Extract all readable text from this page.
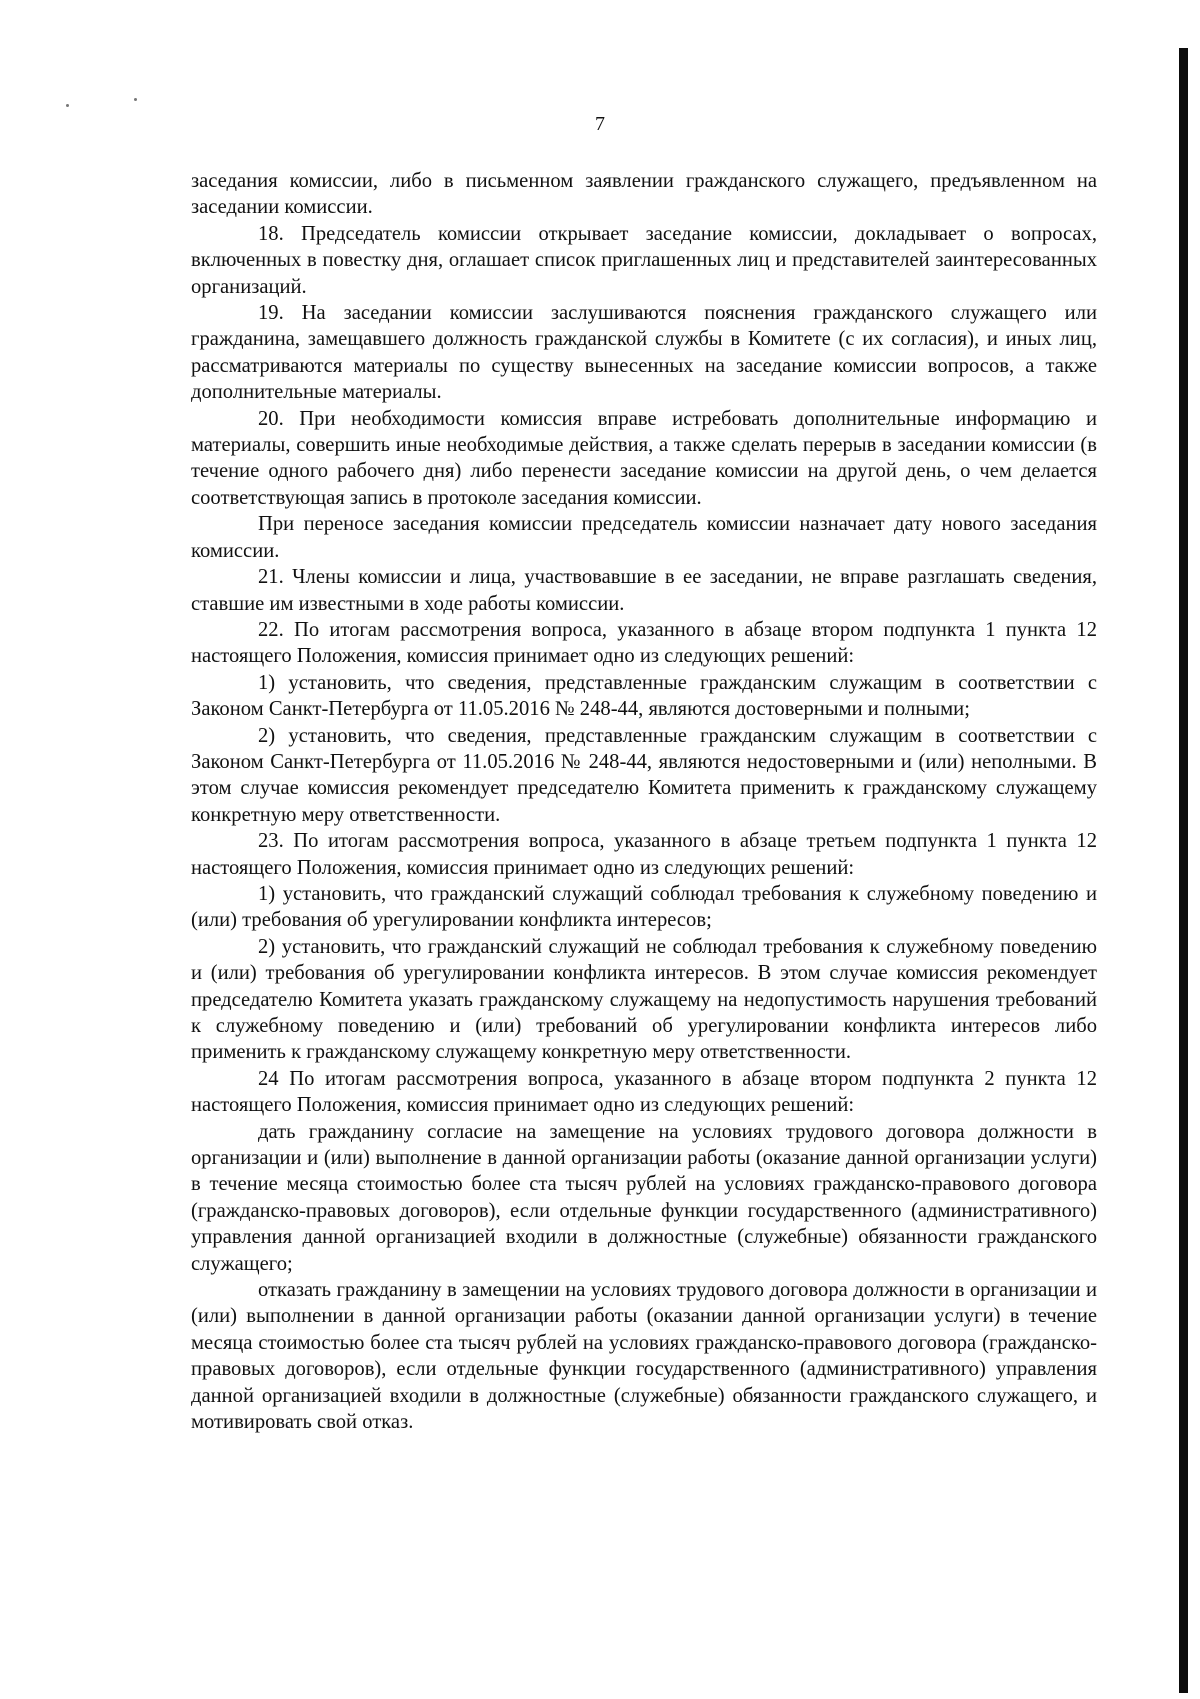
7

заседания комиссии, либо в письменном заявлении гражданского служащего, предъявленном на заседании комиссии.

18. Председатель комиссии открывает заседание комиссии, докладывает о вопросах, включенных в повестку дня, оглашает список приглашенных лиц и представителей заинтересованных организаций.

19. На заседании комиссии заслушиваются пояснения гражданского служащего или гражданина, замещавшего должность гражданской службы в Комитете (с их согласия), и иных лиц, рассматриваются материалы по существу вынесенных на заседание комиссии вопросов, а также дополнительные материалы.

20. При необходимости комиссия вправе истребовать дополнительные информацию и материалы, совершить иные необходимые действия, а также сделать перерыв в заседании комиссии (в течение одного рабочего дня) либо перенести заседание комиссии на другой день, о чем делается соответствующая запись в протоколе заседания комиссии.

При переносе заседания комиссии председатель комиссии назначает дату нового заседания комиссии.

21. Члены комиссии и лица, участвовавшие в ее заседании, не вправе разглашать сведения, ставшие им известными в ходе работы комиссии.

22. По итогам рассмотрения вопроса, указанного в абзаце втором подпункта 1 пункта 12 настоящего Положения, комиссия принимает одно из следующих решений:

1) установить, что сведения, представленные гражданским служащим в соответствии с Законом Санкт-Петербурга от 11.05.2016 № 248-44, являются достоверными и полными;

2) установить, что сведения, представленные гражданским служащим в соответствии с Законом Санкт-Петербурга от 11.05.2016 № 248-44, являются недостоверными и (или) неполными. В этом случае комиссия рекомендует председателю Комитета применить к гражданскому служащему конкретную меру ответственности.

23. По итогам рассмотрения вопроса, указанного в абзаце третьем подпункта 1 пункта 12 настоящего Положения, комиссия принимает одно из следующих решений:

1) установить, что гражданский служащий соблюдал требования к служебному поведению и (или) требования об урегулировании конфликта интересов;

2) установить, что гражданский служащий не соблюдал требования к служебному поведению и (или) требования об урегулировании конфликта интересов. В этом случае комиссия рекомендует председателю Комитета указать гражданскому служащему на недопустимость нарушения требований к служебному поведению и (или) требований об урегулировании конфликта интересов либо применить к гражданскому служащему конкретную меру ответственности.

24 По итогам рассмотрения вопроса, указанного в абзаце втором подпункта 2 пункта 12 настоящего Положения, комиссия принимает одно из следующих решений:

дать гражданину согласие на замещение на условиях трудового договора должности в организации и (или) выполнение в данной организации работы (оказание данной организации услуги) в течение месяца стоимостью более ста тысяч рублей на условиях гражданско-правового договора (гражданско-правовых договоров), если отдельные функции государственного (административного) управления данной организацией входили в должностные (служебные) обязанности гражданского служащего;

отказать гражданину в замещении на условиях трудового договора должности в организации и (или) выполнении в данной организации работы (оказании данной организации услуги) в течение месяца стоимостью более ста тысяч рублей на условиях гражданско-правового договора (гражданско-правовых договоров), если отдельные функции государственного (административного) управления данной организацией входили в должностные (служебные) обязанности гражданского служащего, и мотивировать свой отказ.
